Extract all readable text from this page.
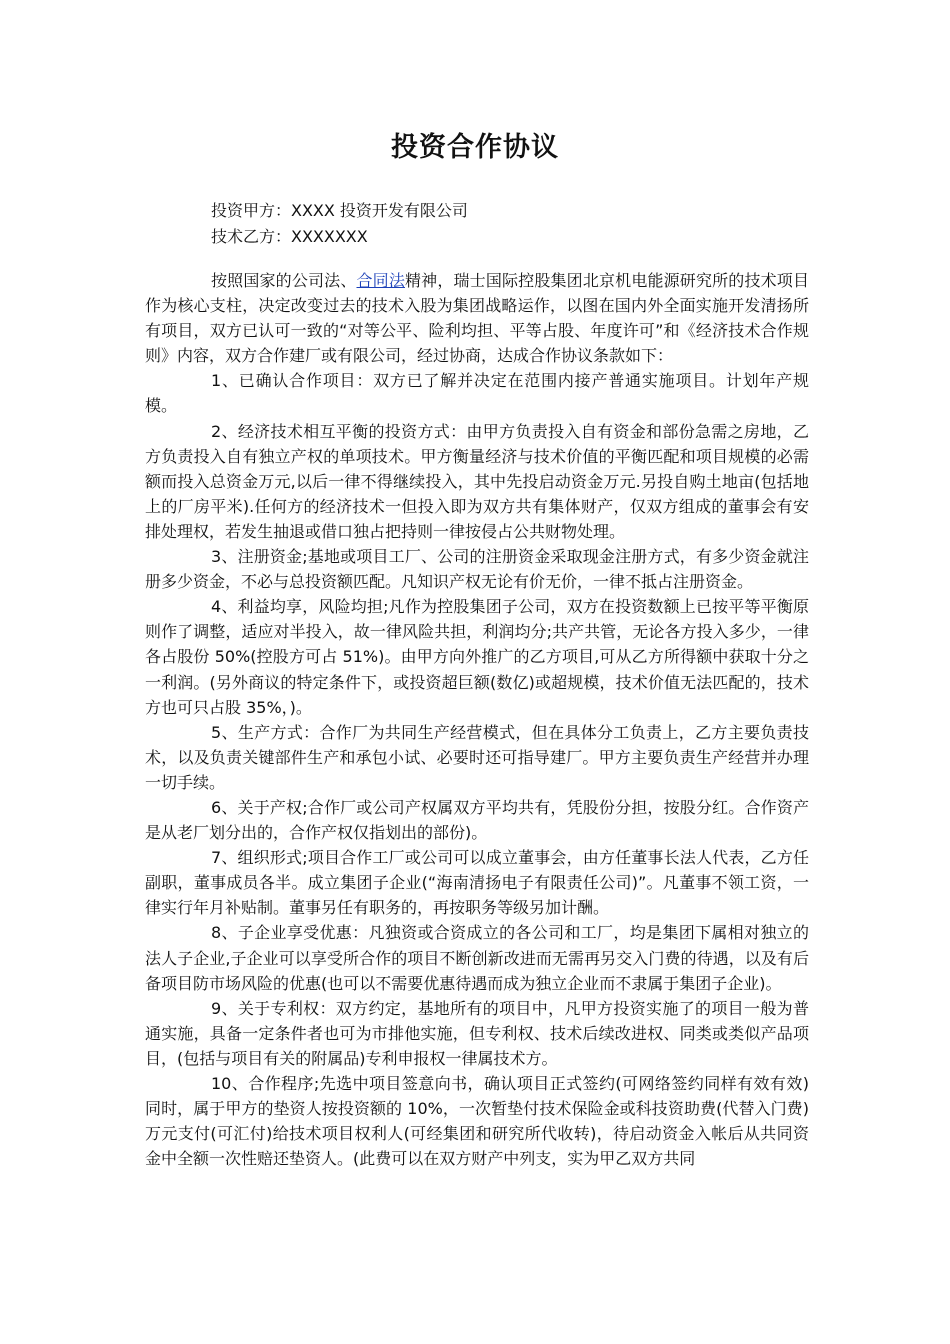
投资合作协议
投资甲方：XXXX 投资开发有限公司
技术乙方：XXXXXXX

按照国家的公司法、合同法精神，瑞士国际控股集团北京机电能源研究所的技术项目作为核心支柱，决定改变过去的技术入股为集团战略运作，以图在国内外全面实施开发清扬所有项目，双方已认可一致的“对等公平、险利均担、平等占股、年度许可”和《经济技术合作规则》内容，双方合作建厂或有限公司，经过协商，达成合作协议条款如下：

1、已确认合作项目：双方已了解并决定在范围内接产普通实施项目。计划年产规模。

2、经济技术相互平衡的投资方式：由甲方负责投入自有资金和部份急需之房地，乙方负责投入自有独立产权的单项技术。甲方衡量经济与技术价值的平衡匹配和项目规模的必需额而投入总资金万元,以后一律不得继续投入，其中先投启动资金万元.另投自购土地亩(包括地上的厂房平米).任何方的经济技术一但投入即为双方共有集体财产，仅双方组成的董事会有安排处理权，若发生抽退或借口独占把持则一律按侵占公共财物处理。

3、注册资金;基地或项目工厂、公司的注册资金采取现金注册方式，有多少资金就注册多少资金，不必与总投资额匹配。凡知识产权无论有价无价，一律不抵占注册资金。

4、利益均享，风险均担;凡作为控股集团子公司，双方在投资数额上已按平等平衡原则作了调整，适应对半投入，故一律风险共担，利润均分;共产共管，无论各方投入多少，一律各占股份 50%(控股方可占 51%)。由甲方向外推广的乙方项目,可从乙方所得额中获取十分之一利润。(另外商议的特定条件下，或投资超巨额(数亿)或超规模，技术价值无法匹配的，技术方也可只占股 35%，)。

5、生产方式：合作厂为共同生产经营模式，但在具体分工负责上，乙方主要负责技术，以及负责关键部件生产和承包小试、必要时还可指导建厂。甲方主要负责生产经营并办理一切手续。

6、关于产权;合作厂或公司产权属双方平均共有，凭股份分担，按股分红。合作资产是从老厂划分出的，合作产权仅指划出的部份)。

7、组织形式;项目合作工厂或公司可以成立董事会，由方任董事长法人代表，乙方任副职，董事成员各半。成立集团子企业(“海南清扬电子有限责任公司)”。凡董事不领工资，一律实行年月补贴制。董事另任有职务的，再按职务等级另加计酬。

8、子企业享受优惠：凡独资或合资成立的各公司和工厂，均是集团下属相对独立的法人子企业,子企业可以享受所合作的项目不断创新改进而无需再另交入门费的待遇，以及有后备项目防市场风险的优惠(也可以不需要优惠待遇而成为独立企业而不隶属于集团子企业)。

9、关于专利权：双方约定，基地所有的项目中，凡甲方投资实施了的项目一般为普通实施，具备一定条件者也可为市排他实施，但专利权、技术后续改进权、同类或类似产品项目，(包括与项目有关的附属品)专利申报权一律属技术方。

10、合作程序;先选中项目签意向书，确认项目正式签约(可网络签约同样有效有效)同时，属于甲方的垫资人按投资额的 10%，一次暂垫付技术保险金或科技资助费(代替入门费)万元支付(可汇付)给技术项目权利人(可经集团和研究所代收转)，待启动资金入帐后从共同资金中全额一次性赔还垫资人。(此费可以在双方财产中列支，实为甲乙双方共同
